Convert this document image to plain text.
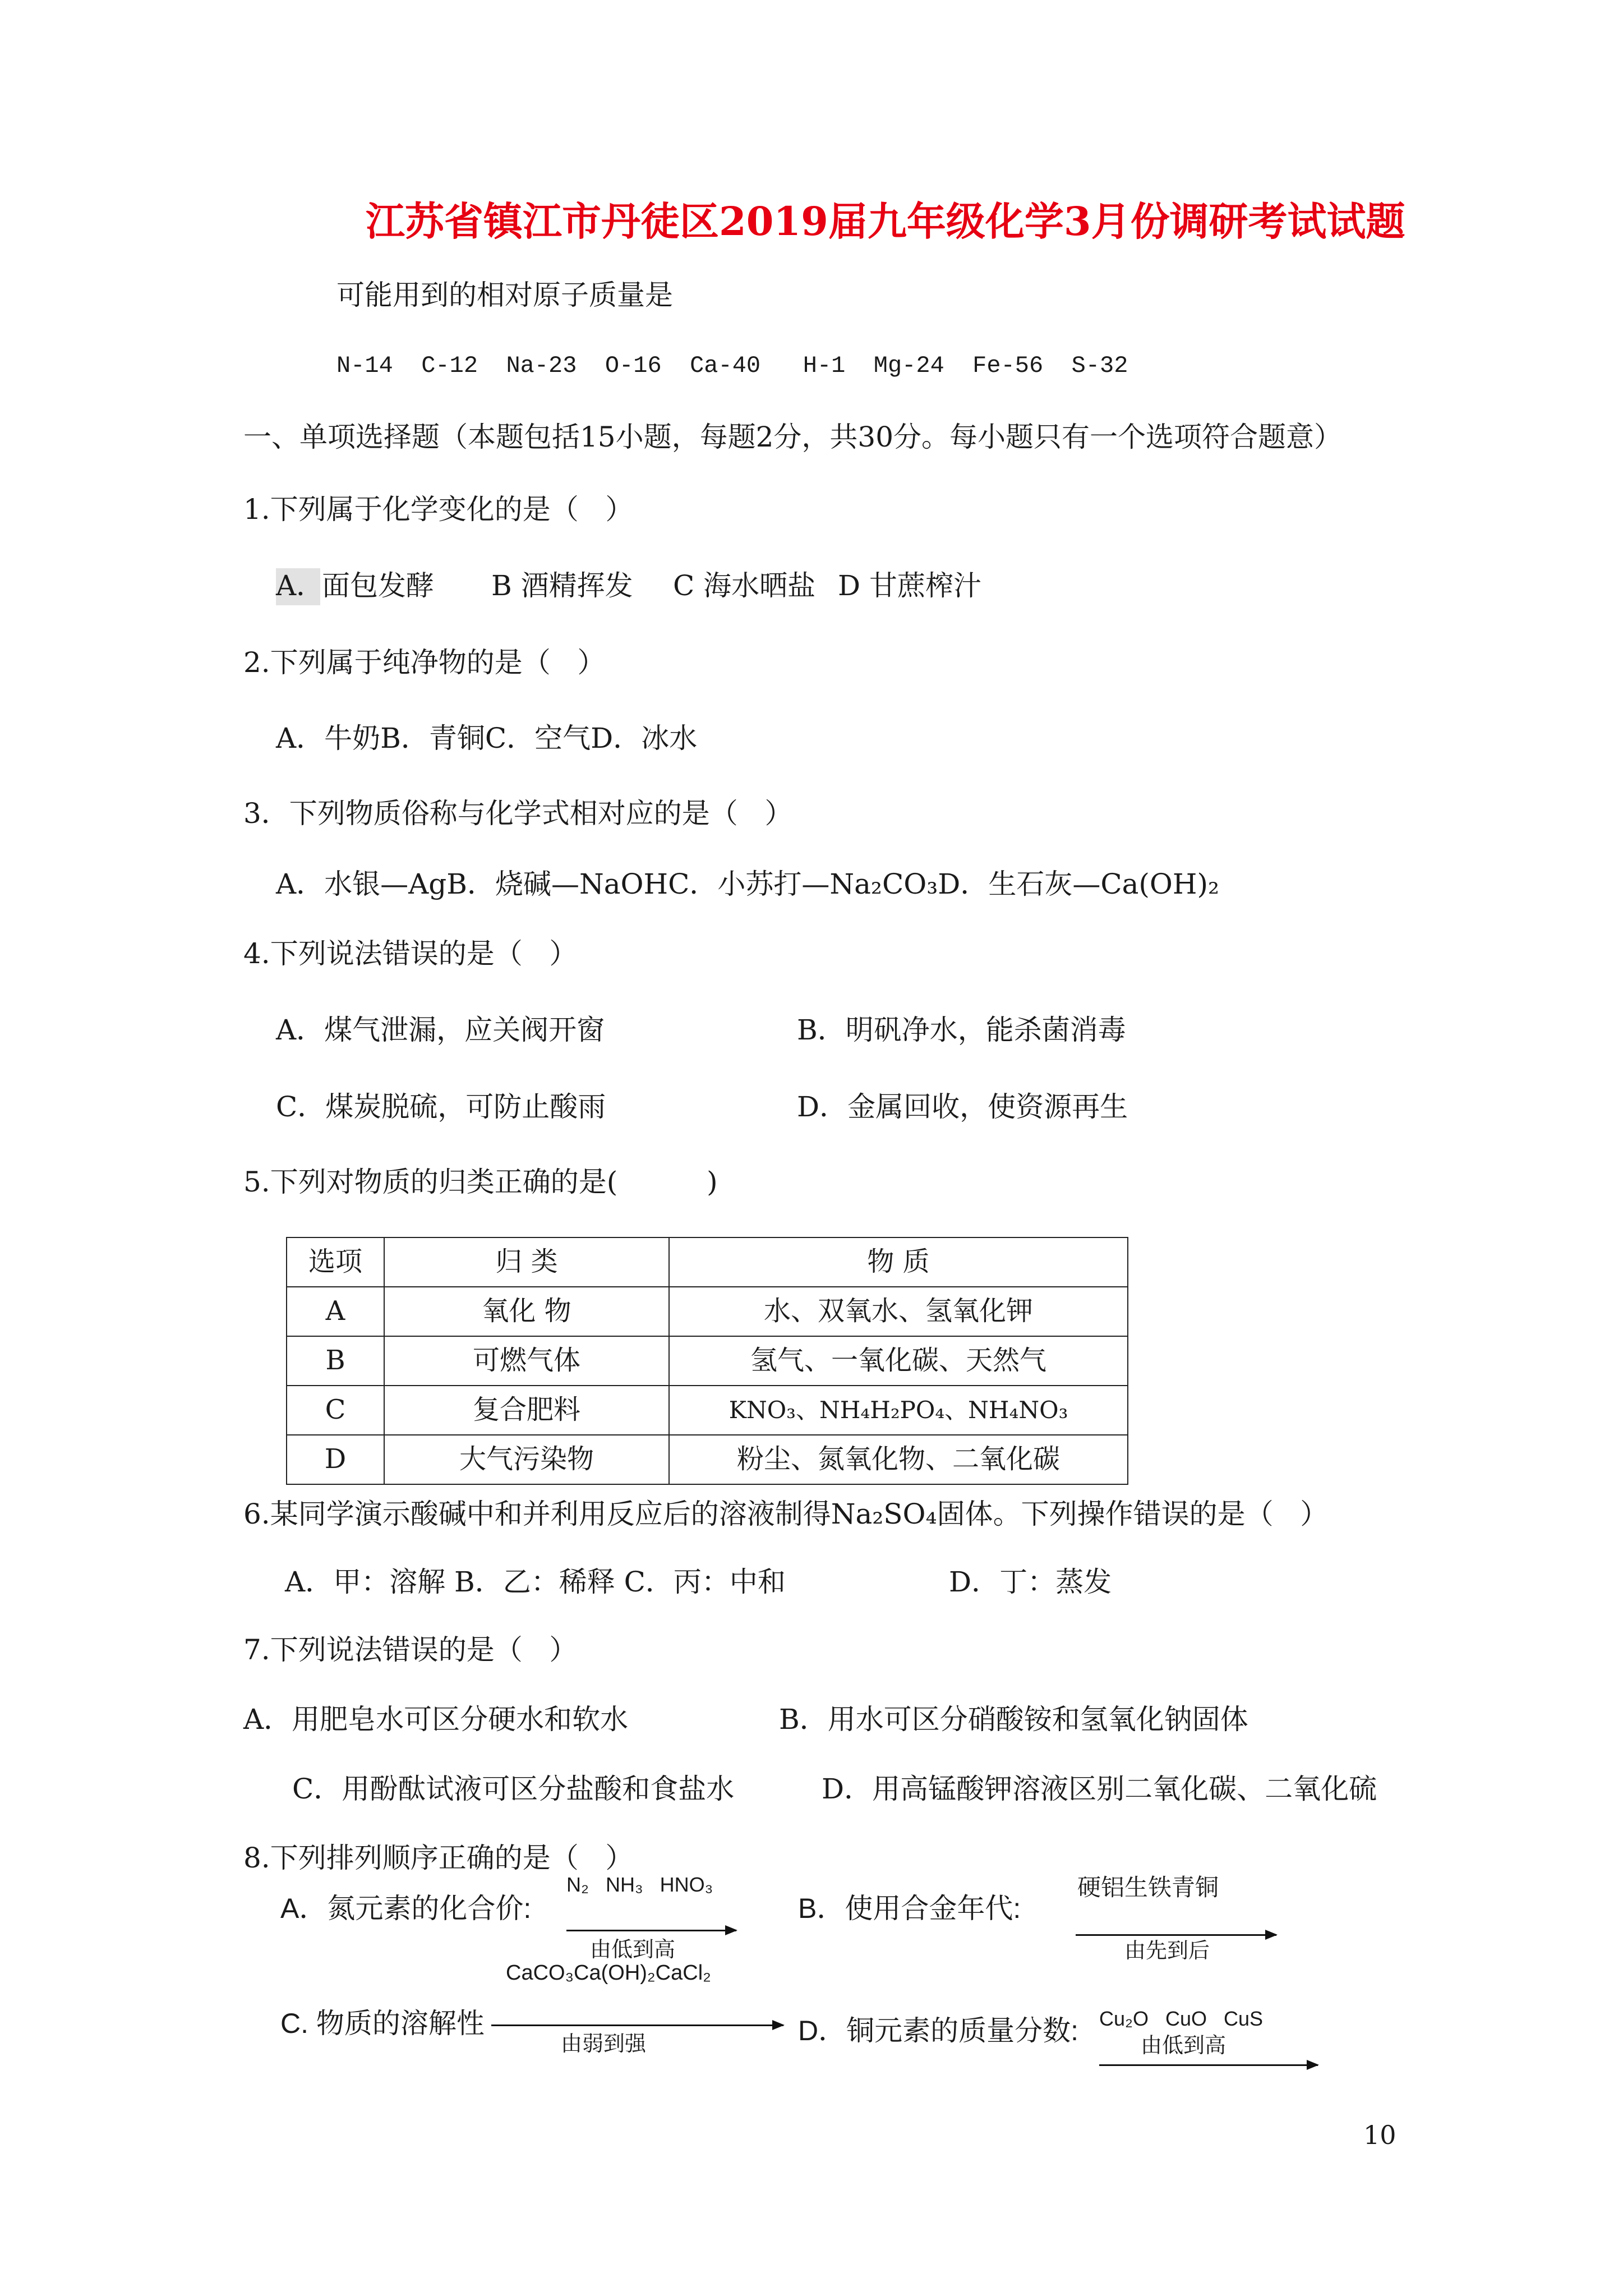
江苏省镇江市丹徒区2019届九年级化学3月份调研考试试题
可能用到的相对原子质量是
N-14  C-12  Na-23  O-16  Ca-40   H-1  Mg-24  Fe-56  S-32
一、单项选择题（本题包括15小题，每题2分，共30分。每小题只有一个选项符合题意）
1.下列属于化学变化的是（   ）
A．
面包发酵 B 酒精挥发 C 海水晒盐 D 甘蔗榨汁
2.下列属于纯净物的是（   ）
A．牛奶B．青铜C．空气D．冰水
3．下列物质俗称与化学式相对应的是（   ）
A．水银—AgB．烧碱—NaOHC．小苏打—Na₂CO₃D．生石灰—Ca(OH)₂
4.下列说法错误的是（   ）
A．煤气泄漏，应关阀开窗	B．明矾净水，能杀菌消毒
C．煤炭脱硫，可防止酸雨	D．金属回收，使资源再生
5.下列对物质的归类正确的是(          )
选项	归 类	物 质
A	氧化 物	水、双氧水、氢氧化钾
B	可燃气体	氢气、一氧化碳、天然气
C	复合肥料	KNO₃、NH₄H₂PO₄、NH₄NO₃
D	大气污染物	粉尘、氮氧化物、二氧化碳
6.某同学演示酸碱中和并利用反应后的溶液制得Na₂SO₄固体。下列操作错误的是（   ）
A．甲：溶解 B．乙：稀释 C．丙：中和	D．丁：蒸发
7.下列说法错误的是（   ）
A．用肥皂水可区分硬水和软水	B．用水可区分硝酸铵和氢氧化钠固体
C．用酚酞试液可区分盐酸和食盐水	D．用高锰酸钾溶液区别二氧化碳、二氧化硫
8.下列排列顺序正确的是（   ）
A．氮元素的化合价:
N₂   NH₃   HNO₃
由低到高
B．使用合金年代:
硬铝生铁青铜
由先到后
CaCO₃Ca(OH)₂CaCl₂
C. 物质的溶解性
由弱到强	D．铜元素的质量分数: Cu₂O   CuO   CuS
由低到高
10
